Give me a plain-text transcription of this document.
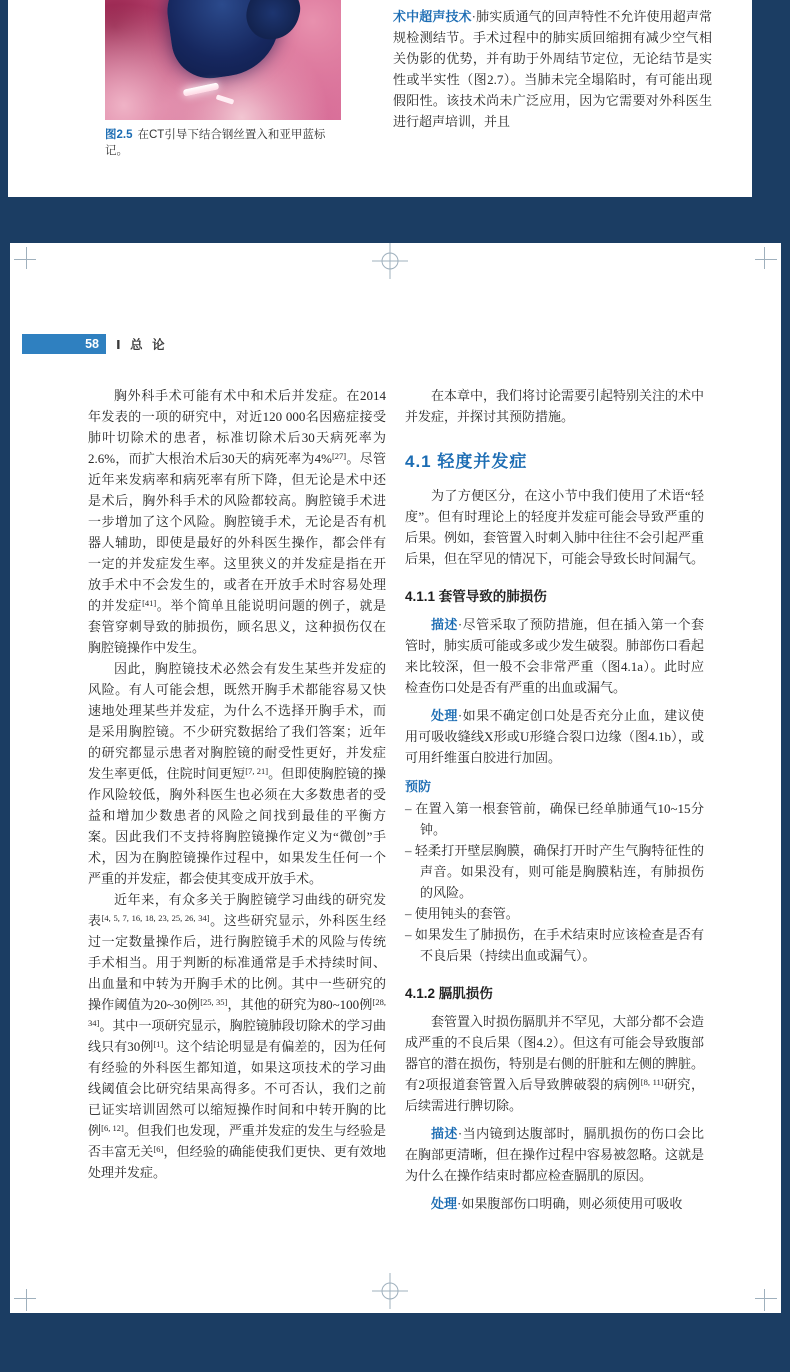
图2.5 在CT引导下结合钢丝置入和亚甲蓝标记。

术中超声技术·肺实质通气的回声特性不允许使用超声常规检测结节。手术过程中的肺实质回缩拥有减少空气相关伪影的优势，并有助于外周结节定位，无论结节是实性或半实性（图2.7）。当肺未完全塌陷时，有可能出现假阳性。该技术尚未广泛应用，因为它需要对外科医生进行超声培训，并且

58 Ⅰ 总 论

胸外科手术可能有术中和术后并发症。在2014年发表的一项的研究中，对近120 000名因癌症接受肺叶切除术的患者，标准切除术后30天病死率为2.6%，而扩大根治术后30天的病死率为4%[27]。尽管近年来发病率和病死率有所下降，但无论是术中还是术后，胸外科手术的风险都较高。胸腔镜手术进一步增加了这个风险。胸腔镜手术，无论是否有机器人辅助，即使是最好的外科医生操作，都会伴有一定的并发症发生率。这里狭义的并发症是指在开放手术中不会发生的，或者在开放手术时容易处理的并发症[41]。举个简单且能说明问题的例子，就是套管穿刺导致的肺损伤，顾名思义，这种损伤仅在胸腔镜操作中发生。

因此，胸腔镜技术必然会有发生某些并发症的风险。有人可能会想，既然开胸手术都能容易又快速地处理某些并发症，为什么不选择开胸手术，而是采用胸腔镜。不少研究数据给了我们答案；近年的研究都显示患者对胸腔镜的耐受性更好，并发症发生率更低，住院时间更短[7, 21]。但即使胸腔镜的操作风险较低，胸外科医生也必须在大多数患者的受益和增加少数患者的风险之间找到最佳的平衡方案。因此我们不支持将胸腔镜操作定义为“微创”手术，因为在胸腔镜操作过程中，如果发生任何一个严重的并发症，都会使其变成开放手术。

近年来，有众多关于胸腔镜学习曲线的研究发表[4, 5, 7, 16, 18, 23, 25, 26, 34]。这些研究显示，外科医生经过一定数量操作后，进行胸腔镜手术的风险与传统手术相当。用于判断的标准通常是手术持续时间、出血量和中转为开胸手术的比例。其中一些研究的操作阈值为20~30例[25, 35]，其他的研究为80~100例[28, 34]。其中一项研究显示，胸腔镜肺段切除术的学习曲线只有30例[1]。这个结论明显是有偏差的，因为任何有经验的外科医生都知道，如果这项技术的学习曲线阈值会比研究结果高得多。不可否认，我们之前已证实培训固然可以缩短操作时间和中转开胸的比例[6, 12]。但我们也发现，严重并发症的发生与经验是否丰富无关[6]，但经验的确能使我们更快、更有效地处理并发症。

在本章中，我们将讨论需要引起特别关注的术中并发症，并探讨其预防措施。

4.1 轻度并发症

为了方便区分，在这小节中我们使用了术语“轻度”。但有时理论上的轻度并发症可能会导致严重的后果。例如，套管置入时刺入肺中往往不会引起严重后果，但在罕见的情况下，可能会导致长时间漏气。

4.1.1 套管导致的肺损伤

描述·尽管采取了预防措施，但在插入第一个套管时，肺实质可能或多或少发生破裂。肺部伤口看起来比较深，但一般不会非常严重（图4.1a）。此时应检查伤口处是否有严重的出血或漏气。

处理·如果不确定创口处是否充分止血，建议使用可吸收缝线X形或U形缝合裂口边缘（图4.1b），或可用纤维蛋白胶进行加固。

预防
– 在置入第一根套管前，确保已经单肺通气10~15分钟。
– 轻柔打开壁层胸膜，确保打开时产生气胸特征性的声音。如果没有，则可能是胸膜粘连，有肺损伤的风险。
– 使用钝头的套管。
– 如果发生了肺损伤，在手术结束时应该检查是否有不良后果（持续出血或漏气）。
4.1.2 膈肌损伤

套管置入时损伤膈肌并不罕见，大部分都不会造成严重的不良后果（图4.2）。但这有可能会导致腹部器官的潜在损伤，特别是右侧的肝脏和左侧的脾脏。有2项报道套管置入后导致脾破裂的病例[8, 11]研究，后续需进行脾切除。

描述·当内镜到达腹部时，膈肌损伤的伤口会比在胸部更清晰，但在操作过程中容易被忽略。这就是为什么在操作结束时都应检查膈肌的原因。

处理·如果腹部伤口明确，则必须使用可吸收
